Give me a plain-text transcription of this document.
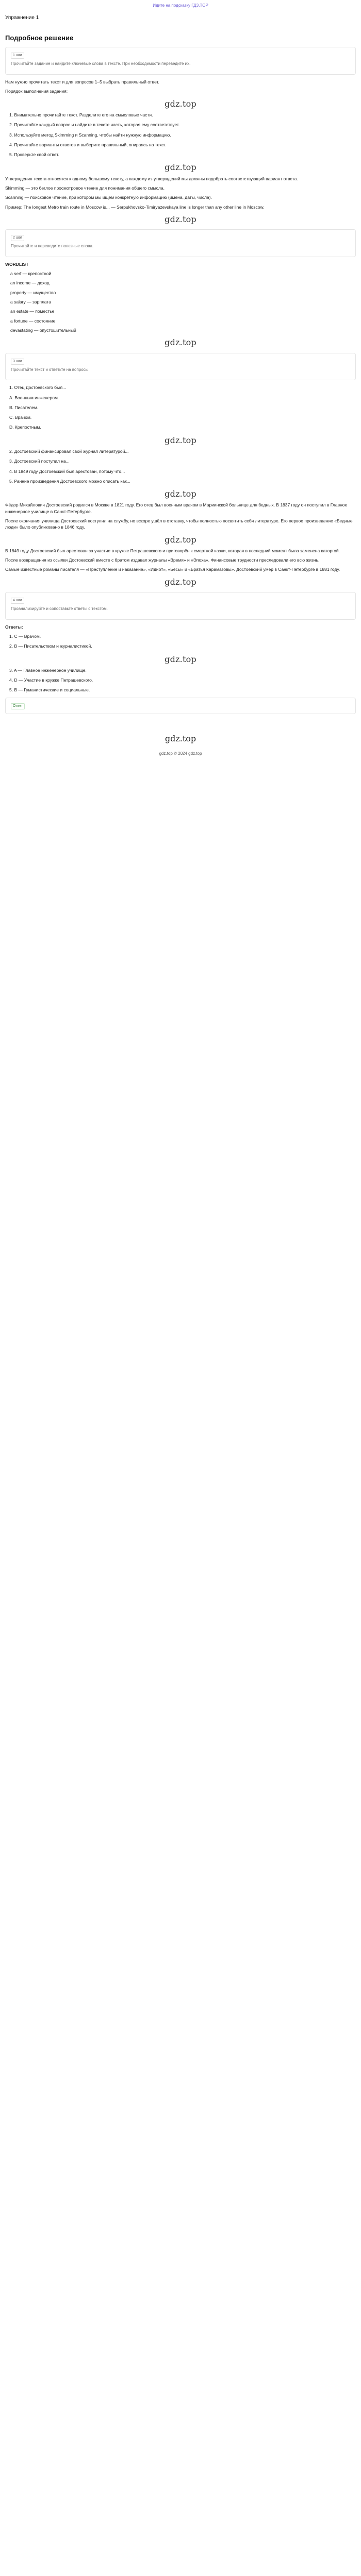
Идите на подсказку ГДЗ.TOP
Упражнение 1
Подробное решение
1 шаг
Прочитайте задание и найдите ключевые слова в тексте. При необходимости переведите их.

Нам нужно прочитать текст и для вопросов 1–5 выбрать правильный ответ.

Порядок выполнения задания:

gdz.top
1. Внимательно прочитайте текст. Разделите его на смысловые части.
2. Прочитайте каждый вопрос и найдите в тексте часть, которая ему соответствует.
3. Используйте метод Skimming и Scanning, чтобы найти нужную информацию.
4. Прочитайте варианты ответов и выберите правильный, опираясь на текст.
5. Проверьте свой ответ.
gdz.top

Утверждения текста относятся к одному большому тексту, а каждому из утверждений мы должны подобрать соответствующий вариант ответа.

Skimming — это беглое просмотровое чтение для понимания общего смысла.

Scanning — поисковое чтение, при котором мы ищем конкретную информацию (имена, даты, числа).

Пример: The longest Metro train route in Moscow is... — Serpukhovsko-Timiryazevskaya line is longer than any other line in Moscow.

gdz.top
2 шаг
Прочитайте и переведите полезные слова.

WORDLIST

a serf — крепостной
an income — доход
property — имущество
a salary — зарплата
an estate — поместье
a fortune — состояние
devastating — опустошительный
gdz.top
3 шаг
Прочитайте текст и ответьте на вопросы.
1. Отец Достоевского был...
A. Военным инженером.
B. Писателем.
C. Врачом.
D. Крепостным.
gdz.top
2. Достоевский финансировал свой журнал литературой...
3. Достоевский поступил на...
4. В 1849 году Достоевский был арестован, потому что...
5. Ранние произведения Достоевского можно описать как...
gdz.top

Фёдор Михайлович Достоевский родился в Москве в 1821 году. Его отец был военным врачом в Мариинской больнице для бедных. В 1837 году он поступил в Главное инженерное училище в Санкт-Петербурге.

После окончания училища Достоевский поступил на службу, но вскоре ушёл в отставку, чтобы полностью посвятить себя литературе. Его первое произведение «Бедные люди» было опубликовано в 1846 году.

gdz.top

В 1849 году Достоевский был арестован за участие в кружке Петрашевского и приговорён к смертной казни, которая в последний момент была заменена каторгой.

После возвращения из ссылки Достоевский вместе с братом издавал журналы «Время» и «Эпоха». Финансовые трудности преследовали его всю жизнь.

Самые известные романы писателя — «Преступление и наказание», «Идиот», «Бесы» и «Братья Карамазовы». Достоевский умер в Санкт-Петербурге в 1881 году.

gdz.top
4 шаг
Проанализируйте и сопоставьте ответы с текстом.

Ответы:

1. C — Врачом.
2. B — Писательством и журналистикой.
gdz.top
3. A — Главное инженерное училище.
4. D — Участие в кружке Петрашевского.
5. B — Гуманистические и социальные.
Ответ
gdz.top
gdz.top © 2024 gdz.top
